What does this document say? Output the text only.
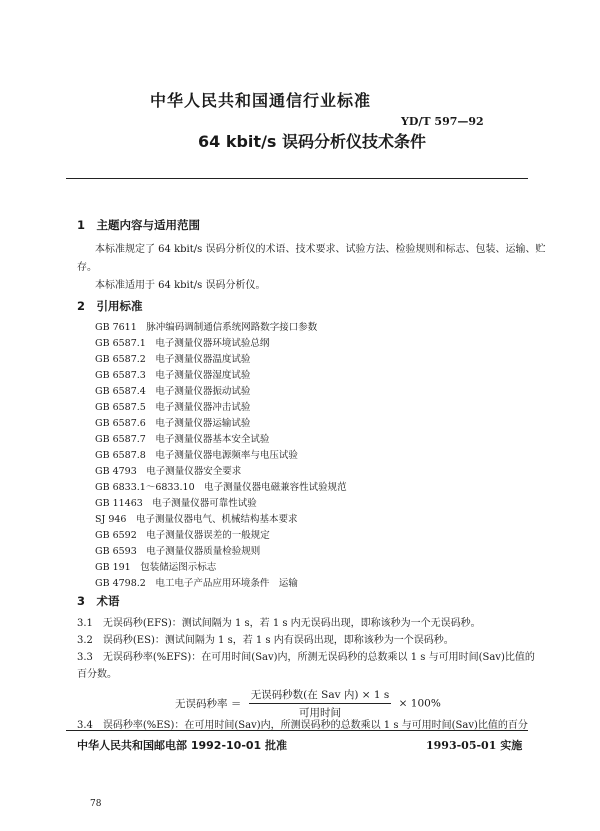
中华人民共和国通信行业标准
YD/T 597—92
64 kbit/s 误码分析仪技术条件
1　主题内容与适用范围
本标准规定了 64 kbit/s 误码分析仪的术语、技术要求、试验方法、检验规则和标志、包装、运输、贮
存。
本标准适用于 64 kbit/s 误码分析仪。
2　引用标准
GB 7611　脉冲编码调制通信系统网路数字接口参数
GB 6587.1　电子测量仪器环境试验总纲
GB 6587.2　电子测量仪器温度试验
GB 6587.3　电子测量仪器湿度试验
GB 6587.4　电子测量仪器振动试验
GB 6587.5　电子测量仪器冲击试验
GB 6587.6　电子测量仪器运输试验
GB 6587.7　电子测量仪器基本安全试验
GB 6587.8　电子测量仪器电源频率与电压试验
GB 4793　电子测量仪器安全要求
GB 6833.1～6833.10　电子测量仪器电磁兼容性试验规范
GB 11463　电子测量仪器可靠性试验
SJ 946　电子测量仪器电气、机械结构基本要求
GB 6592　电子测量仪器误差的一般规定
GB 6593　电子测量仪器质量检验规则
GB 191　包装储运图示标志
GB 4798.2　电工电子产品应用环境条件　运输
3　术语
3.1　无误码秒(EFS)：测试间隔为 1 s，若 1 s 内无误码出现，即称该秒为一个无误码秒。
3.2　误码秒(ES)：测试间隔为 1 s，若 1 s 内有误码出现，即称该秒为一个误码秒。
3.3　无误码秒率(%EFS)：在可用时间(Sav)内，所测无误码秒的总数乘以 1 s 与可用时间(Sav)比值的
百分数。
无误码秒率 ＝ $\frac{\text{无误码秒数(在 Sav 内) × 1 s}}{\text{可用时间}} \times 100\%$
3.4　误码秒率(%ES)：在可用时间(Sav)内，所测误码秒的总数乘以 1 s 与可用时间(Sav)比值的百分
中华人民共和国邮电部 1992-10-01 批准	1993-05-01 实施
78
